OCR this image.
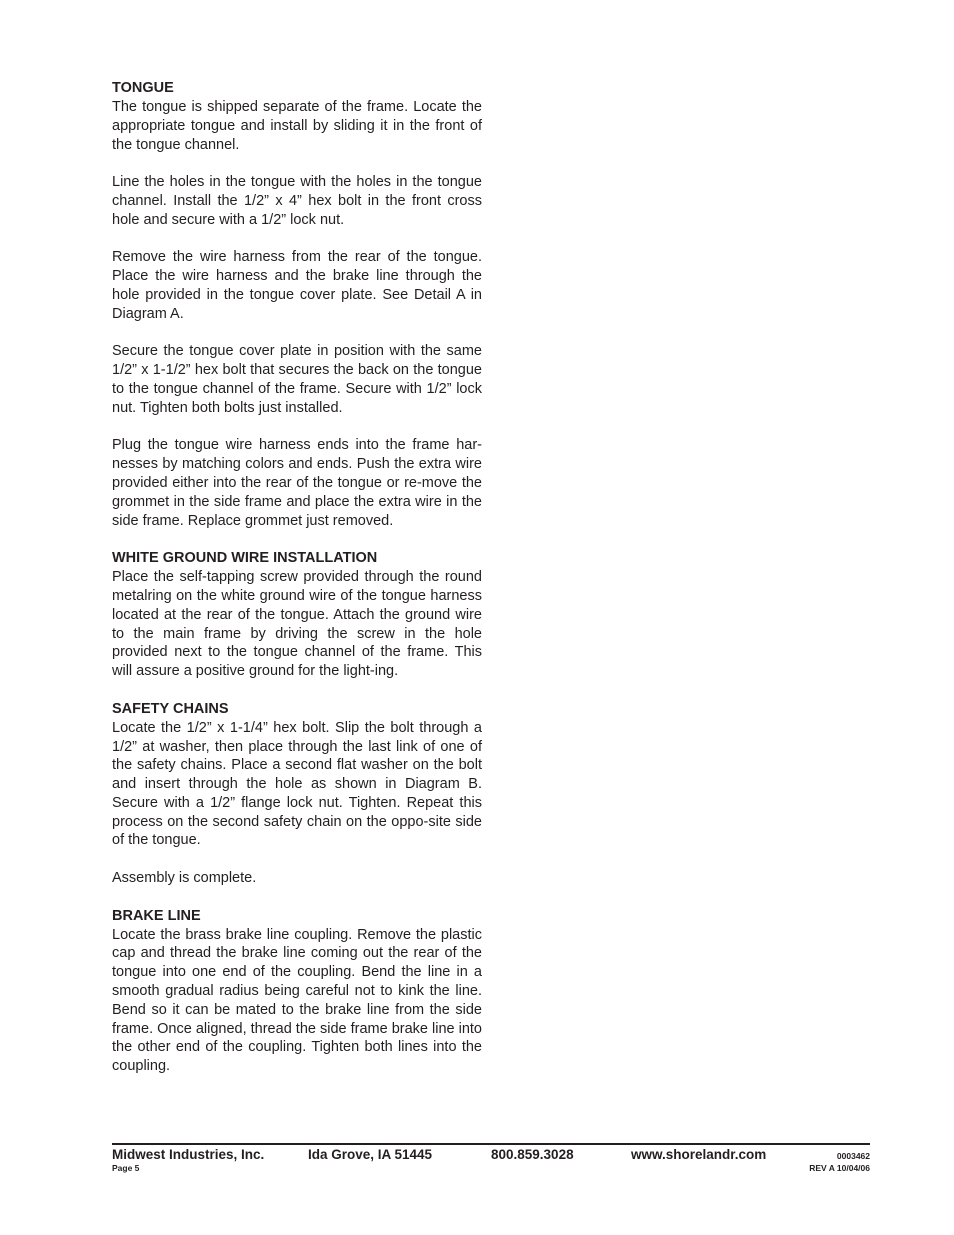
TONGUE

The tongue is shipped separate of the frame. Locate the appropriate tongue and install by sliding it in the front of the tongue channel.

Line the holes in the tongue with the holes in the tongue channel. Install the 1/2” x 4” hex bolt in the front cross hole and secure with a 1/2” lock nut.

Remove the wire harness from the rear of the tongue. Place the wire harness and the brake line through the hole provided in the tongue cover plate. See Detail A in Diagram A.

Secure the tongue cover plate in position with the same 1/2” x 1-1/2” hex bolt that secures the back on the tongue to the tongue channel of the frame. Secure with 1/2” lock nut. Tighten both bolts just installed.

Plug the tongue wire harness ends into the frame har-nesses by matching colors and ends. Push the extra wire provided either into the rear of the tongue or re-move the grommet in the side frame and place the extra wire in the side frame. Replace grommet just removed.

WHITE GROUND WIRE INSTALLATION

Place the self-tapping screw provided through the round metalring on the white ground wire of the tongue harness located at the rear of the tongue. Attach the ground wire to the main frame by driving the screw in the hole provided next to the tongue channel of the frame. This will assure a positive ground for the light-ing.

SAFETY CHAINS

Locate the 1/2” x 1-1/4” hex bolt. Slip the bolt through a 1/2” at washer, then place through the last link of one of the safety chains. Place a second flat washer on the bolt and insert through the hole as shown in Diagram B. Secure with a 1/2” flange lock nut. Tighten. Repeat this process on the second safety chain on the oppo-site side of the tongue.

Assembly is complete.

BRAKE LINE

Locate the brass brake line coupling. Remove the plastic cap and thread the brake line coming out the rear of the tongue into one end of the coupling. Bend the line in a smooth gradual radius being careful not to kink the line. Bend so it can be mated to the brake line from the side frame. Once aligned, thread the side frame brake line into the other end of the coupling. Tighten both lines into the coupling.

Midwest Industries, Inc.	Ida Grove, IA 51445	800.859.3028	www.shorelandr.com
Page 5
0003462
REV A 10/04/06
